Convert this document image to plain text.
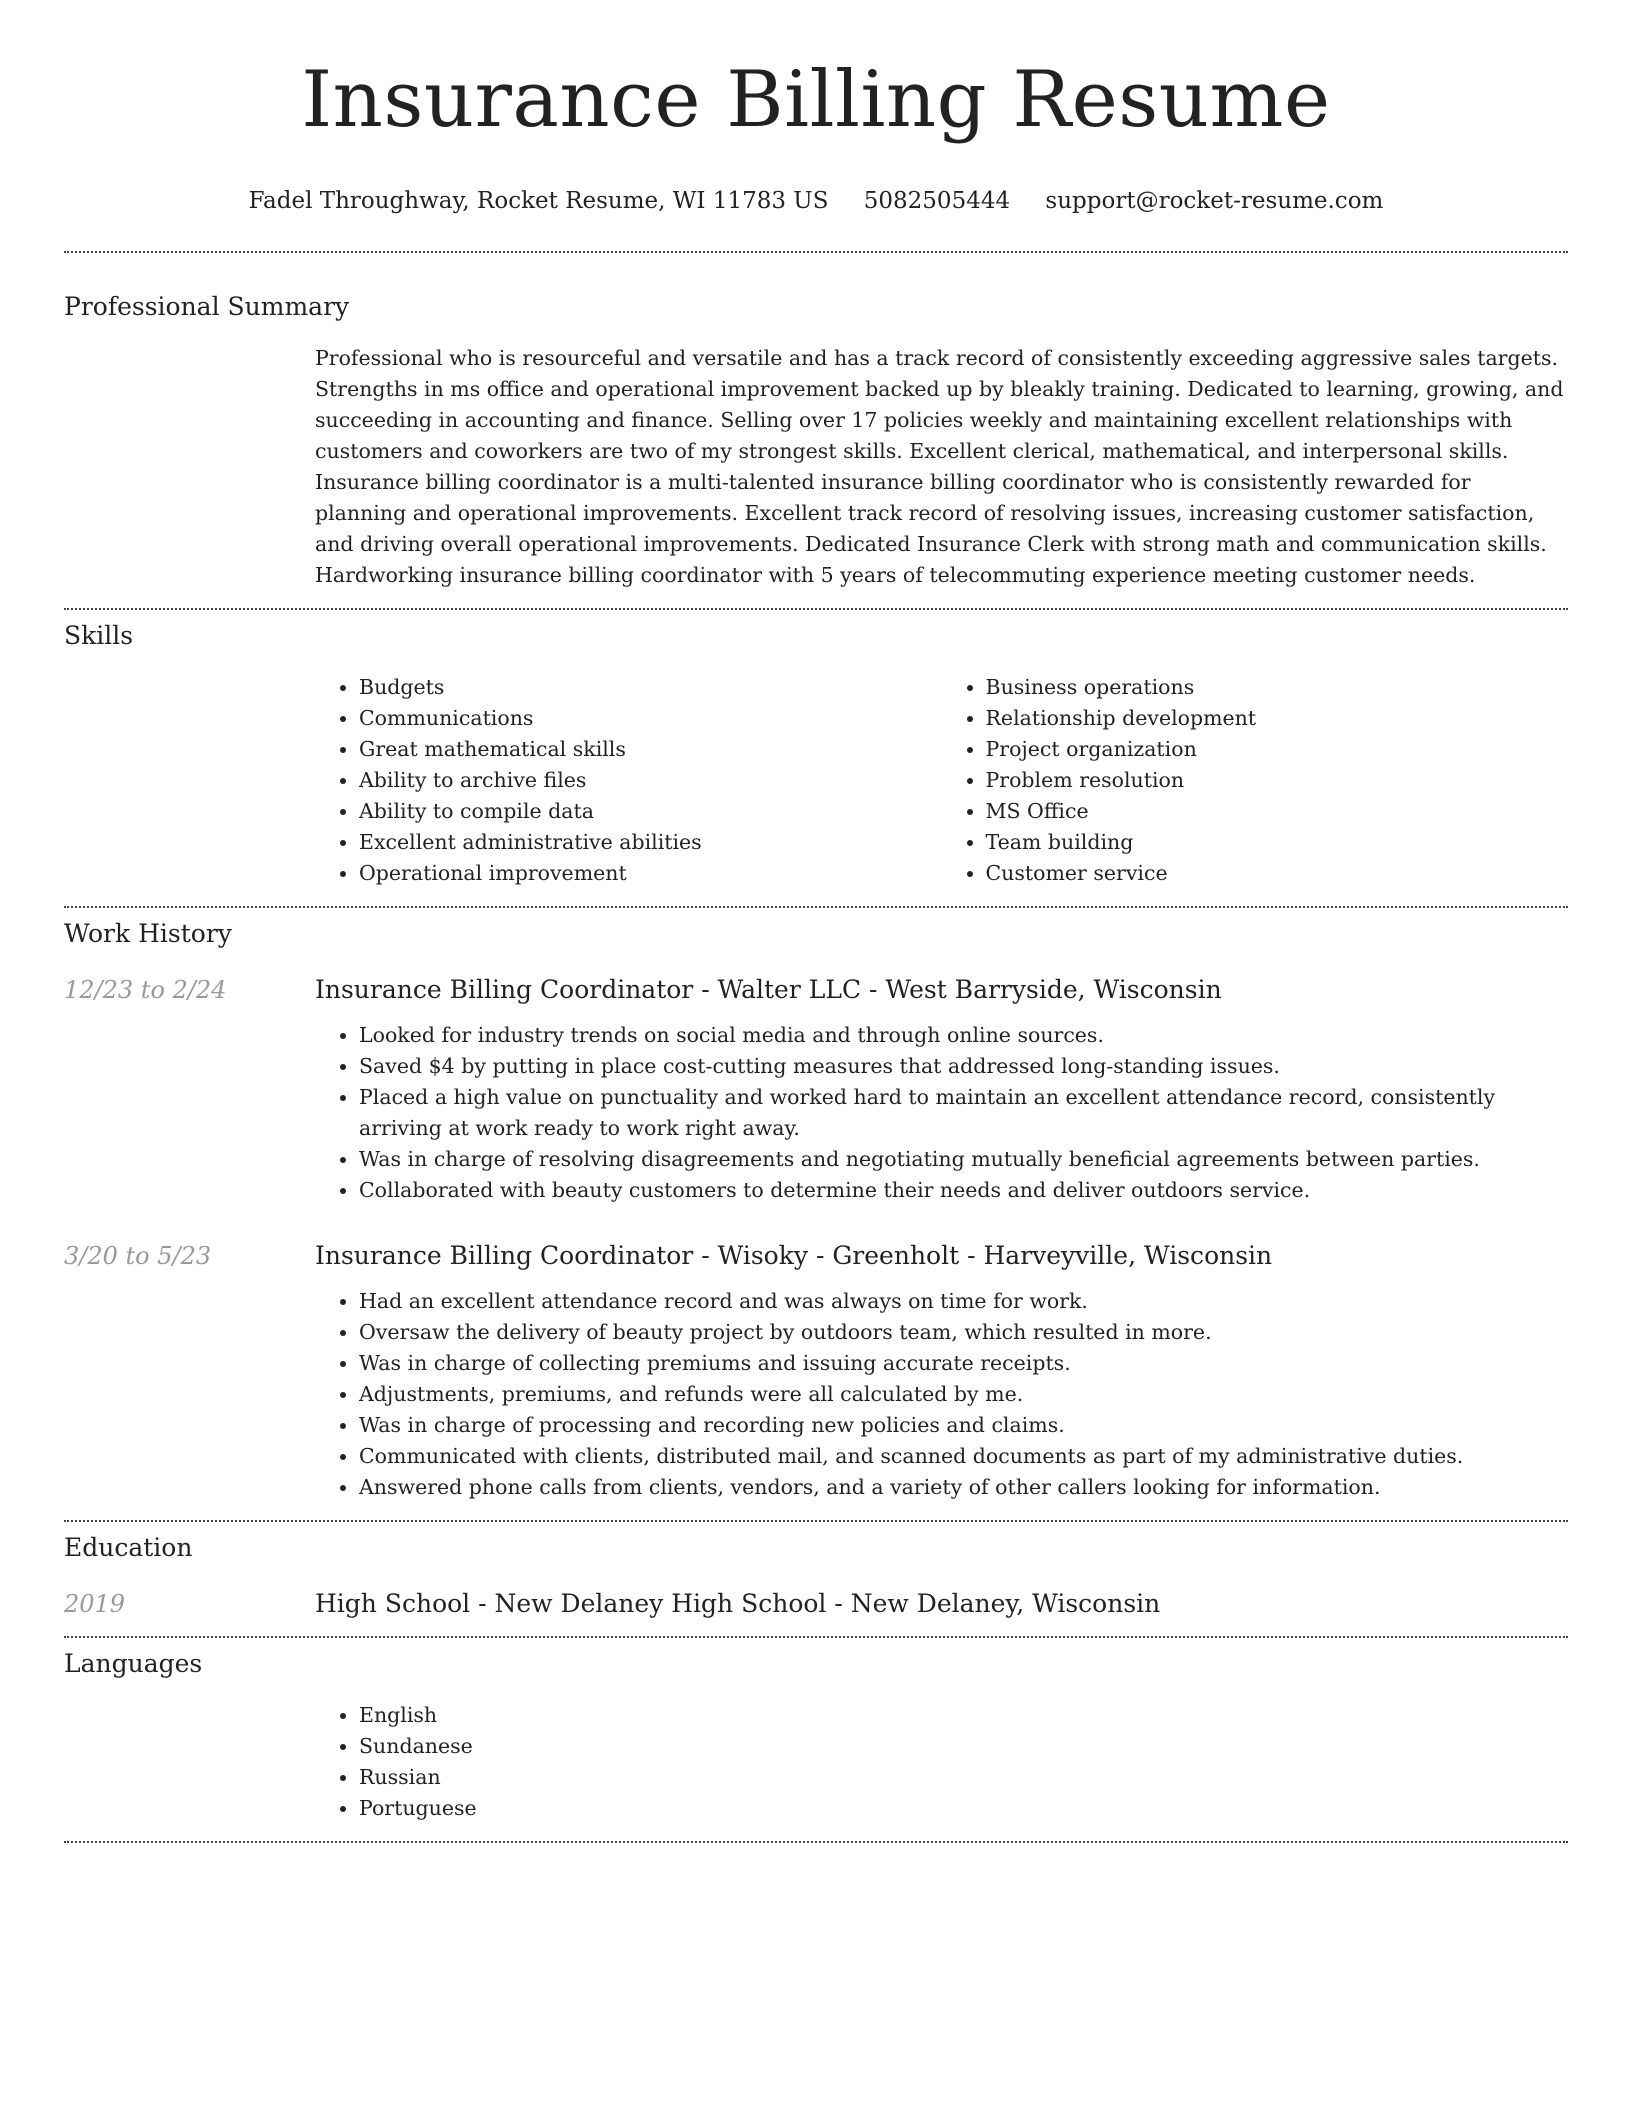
Insurance Billing Resume
Fadel Throughway, Rocket Resume, WI 11783 US 5082505444 support@rocket-resume.com
Professional Summary

Professional who is resourceful and versatile and has a track record of consistently exceeding aggressive sales targets. Strengths in ms office and operational improvement backed up by bleakly training. Dedicated to learning, growing, and succeeding in accounting and finance. Selling over 17 policies weekly and maintaining excellent relationships with customers and coworkers are two of my strongest skills. Excellent clerical, mathematical, and interpersonal skills. Insurance billing coordinator is a multi-talented insurance billing coordinator who is consistently rewarded for planning and operational improvements. Excellent track record of resolving issues, increasing customer satisfaction, and driving overall operational improvements. Dedicated Insurance Clerk with strong math and communication skills. Hardworking insurance billing coordinator with 5 years of telecommuting experience meeting customer needs.

Skills
• Budgets
• Communications
• Great mathematical skills
• Ability to archive files
• Ability to compile data
• Excellent administrative abilities
• Operational improvement
• Business operations
• Relationship development
• Project organization
• Problem resolution
• MS Office
• Team building
• Customer service
Work History
12/23 to 2/24	Insurance Billing Coordinator - Walter LLC - West Barryside, Wisconsin
• Looked for industry trends on social media and through online sources.
• Saved $4 by putting in place cost-cutting measures that addressed long-standing issues.
• Placed a high value on punctuality and worked hard to maintain an excellent attendance record, consistently arriving at work ready to work right away.
• Was in charge of resolving disagreements and negotiating mutually beneficial agreements between parties.
• Collaborated with beauty customers to determine their needs and deliver outdoors service.
3/20 to 5/23	Insurance Billing Coordinator - Wisoky - Greenholt - Harveyville, Wisconsin
• Had an excellent attendance record and was always on time for work.
• Oversaw the delivery of beauty project by outdoors team, which resulted in more.
• Was in charge of collecting premiums and issuing accurate receipts.
• Adjustments, premiums, and refunds were all calculated by me.
• Was in charge of processing and recording new policies and claims.
• Communicated with clients, distributed mail, and scanned documents as part of my administrative duties.
• Answered phone calls from clients, vendors, and a variety of other callers looking for information.
Education
2019	High School - New Delaney High School - New Delaney, Wisconsin
Languages
• English
• Sundanese
• Russian
• Portuguese
